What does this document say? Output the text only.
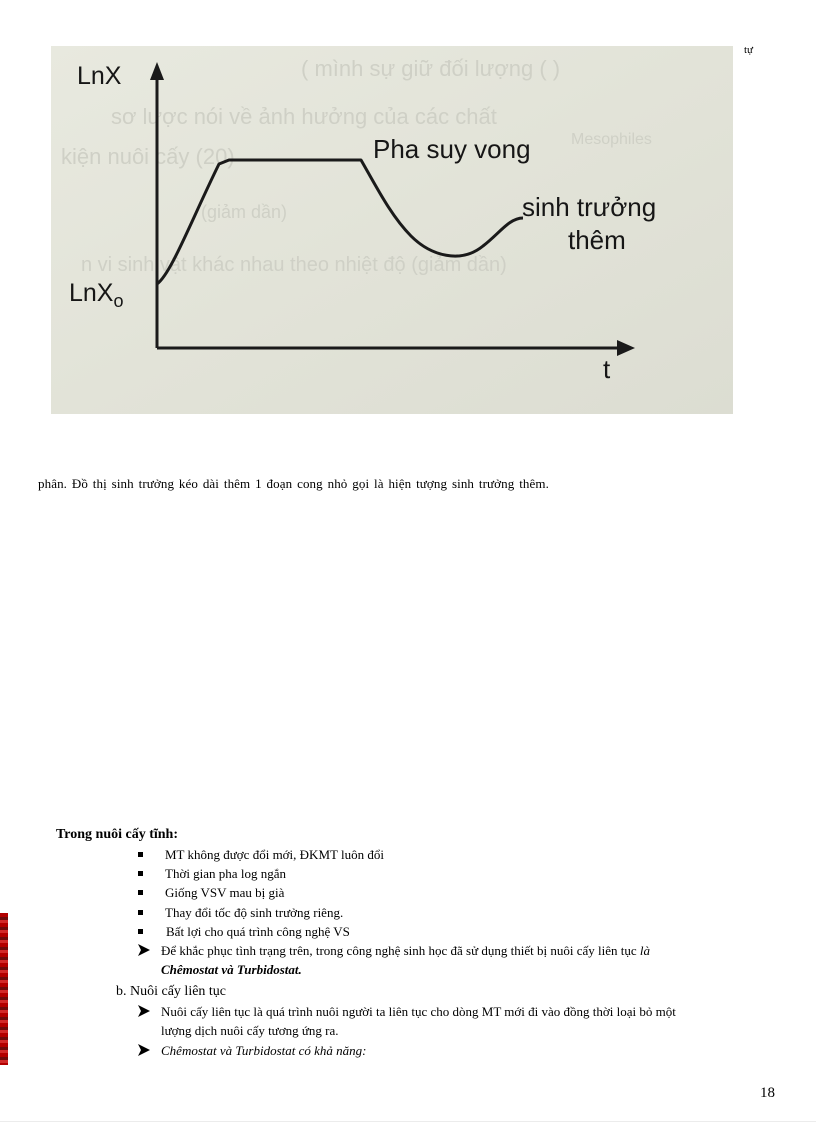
tự
( mình sự giữ đối lượng ( )
sơ lược nói về ảnh hưởng của các chất
kiện nuôi cấy (20)
Mesophiles
(giảm dần)
n vi sinh vật khác nhau theo nhiệt độ (giảm dần)
LnX
LnX$_o$
t
Pha suy vong
sinh trưởng
thêm
phân. Đồ thị sinh trưởng kéo dài thêm 1 đoạn cong nhỏ gọi là hiện tượng sinh trưởng thêm.
Trong nuôi cấy tĩnh:
MT không được đổi mới, ĐKMT luôn đổi
Thời gian pha log ngắn
Giống VSV mau bị già
Thay đổi tốc độ sinh trưởng riêng.
Bất lợi cho quá trình công nghệ VS
Để khắc phục tình trạng trên, trong công nghệ sinh học đã sử dụng thiết bị nuôi cấy liên tục là
Chêmostat và Turbidostat.
b. Nuôi cấy liên tục
Nuôi cấy liên tục là quá trình nuôi người ta liên tục cho dòng MT mới đi vào đồng thời loại bỏ một
lượng dịch nuôi cấy tương ứng ra.
Chêmostat và Turbidostat có khả năng:
18
